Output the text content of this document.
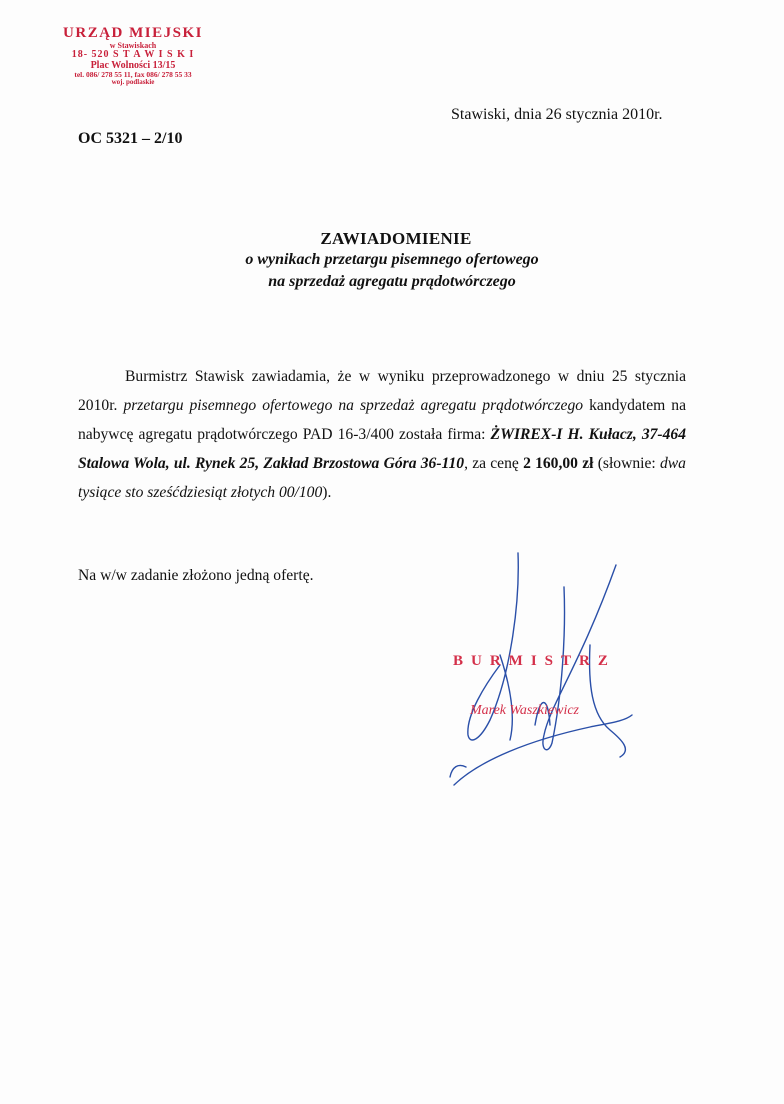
URZĄD MIEJSKI
w Stawiskach
18- 520 S T A W I S K I
Plac Wolności 13/15
tel. 086/ 278 55 11, fax 086/ 278 55 33
woj. podlaskie
Stawiski, dnia 26 stycznia 2010r.
OC 5321 – 2/10
ZAWIADOMIENIE
o wynikach przetargu pisemnego ofertowego
na sprzedaż agregatu prądotwórczego
Burmistrz Stawisk zawiadamia, że w wyniku przeprowadzonego w dniu 25 stycznia 2010r. przetargu pisemnego ofertowego na sprzedaż agregatu prądotwórczego kandydatem na nabywcę agregatu prądotwórczego PAD 16-3/400 została firma: ŻWIREX-I H. Kułacz, 37-464 Stalowa Wola, ul. Rynek 25, Zakład Brzostowa Góra 36-110, za cenę 2 160,00 zł (słownie: dwa tysiące sto sześćdziesiąt złotych 00/100).
Na w/w zadanie złożono jedną ofertę.
BURMISTRZ
Marek Waszkiewicz
